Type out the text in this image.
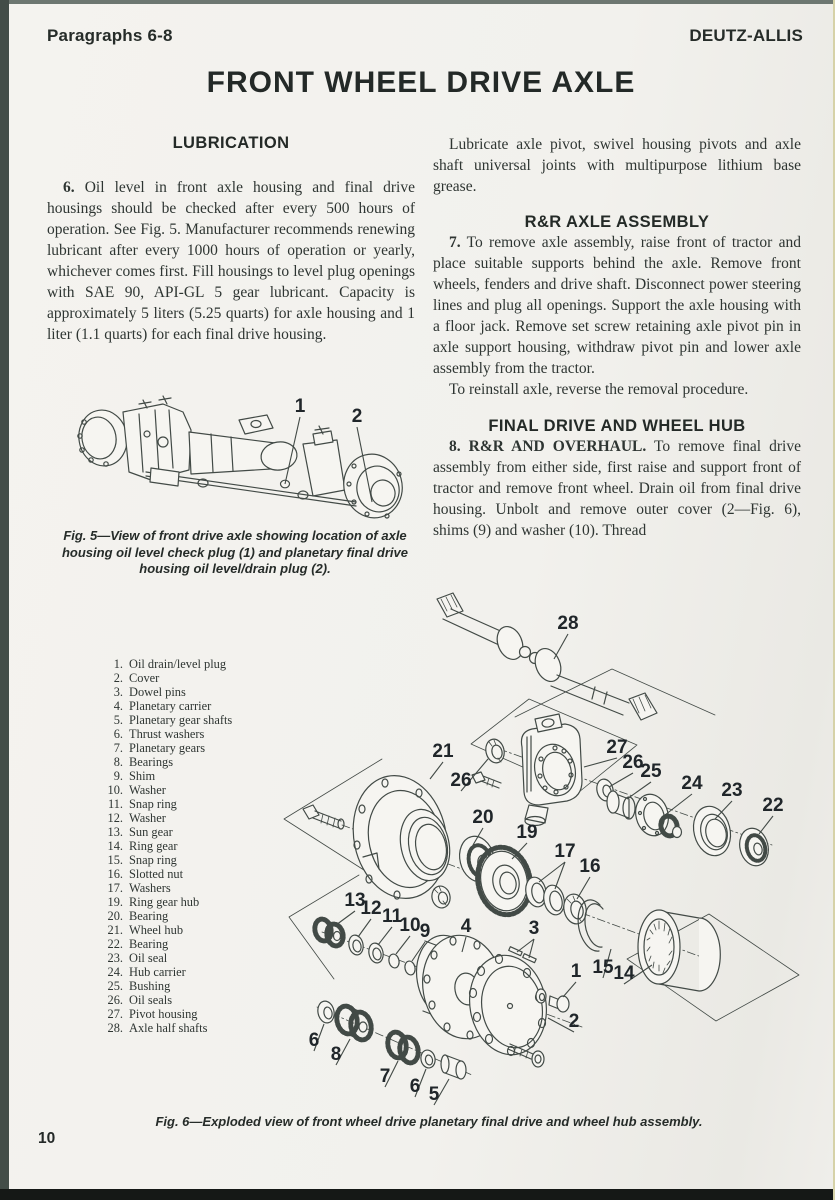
Paragraphs 6-8	DEUTZ-ALLIS
FRONT WHEEL DRIVE AXLE
LUBRICATION

6. Oil level in front axle housing and final drive housings should be checked after every 500 hours of operation. See Fig. 5. Manufacturer recommends renewing lubricant after every 1000 hours of operation or yearly, whichever comes first. Fill housings to level plug openings with SAE 90, API-GL 5 gear lubricant. Capacity is approximately 5 liters (5.25 quarts) for axle housing and 1 liter (1.1 quarts) for each final drive housing.

Lubricate axle pivot, swivel housing pivots and axle shaft universal joints with multipurpose lithium base grease.

R&R AXLE ASSEMBLY

7. To remove axle assembly, raise front of tractor and place suitable supports behind the axle. Remove front wheels, fenders and drive shaft. Disconnect power steering lines and plug all openings. Support the axle housing with a floor jack. Remove set screw retaining axle pivot pin in axle support housing, withdraw pivot pin and lower axle assembly from the tractor.

To reinstall axle, reverse the removal procedure.

FINAL DRIVE AND WHEEL HUB

8. R&R AND OVERHAUL. To remove final drive assembly from either side, first raise and support front of tractor and remove front wheel. Drain oil from final drive housing. Unbolt and remove outer cover (2—Fig. 6), shims (9) and washer (10). Thread

1 2
Fig. 5—View of front drive axle showing location of axle housing oil level check plug (1) and planetary final drive housing oil level/drain plug (2).
1. Oil drain/level plug
2. Cover
3. Dowel pins
4. Planetary carrier
5. Planetary gear shafts
6. Thrust washers
7. Planetary gears
8. Bearings
9. Shim
10. Washer
11. Snap ring
12. Washer
13. Sun gear
14. Ring gear
15. Snap ring
16. Slotted nut
17. Washers
19. Ring gear hub
20. Bearing
21. Wheel hub
22. Bearing
23. Oil seal
24. Hub carrier
25. Bushing
26. Oil seals
27. Pivot housing
28. Axle half shafts
28
21
26
27
26
25
24 23
22
20
19
17
16
13
12 11
10 9 4	3
1 15 14
2
6
8
7 6 5
Fig. 6—Exploded view of front wheel drive planetary final drive and wheel hub assembly.
10
